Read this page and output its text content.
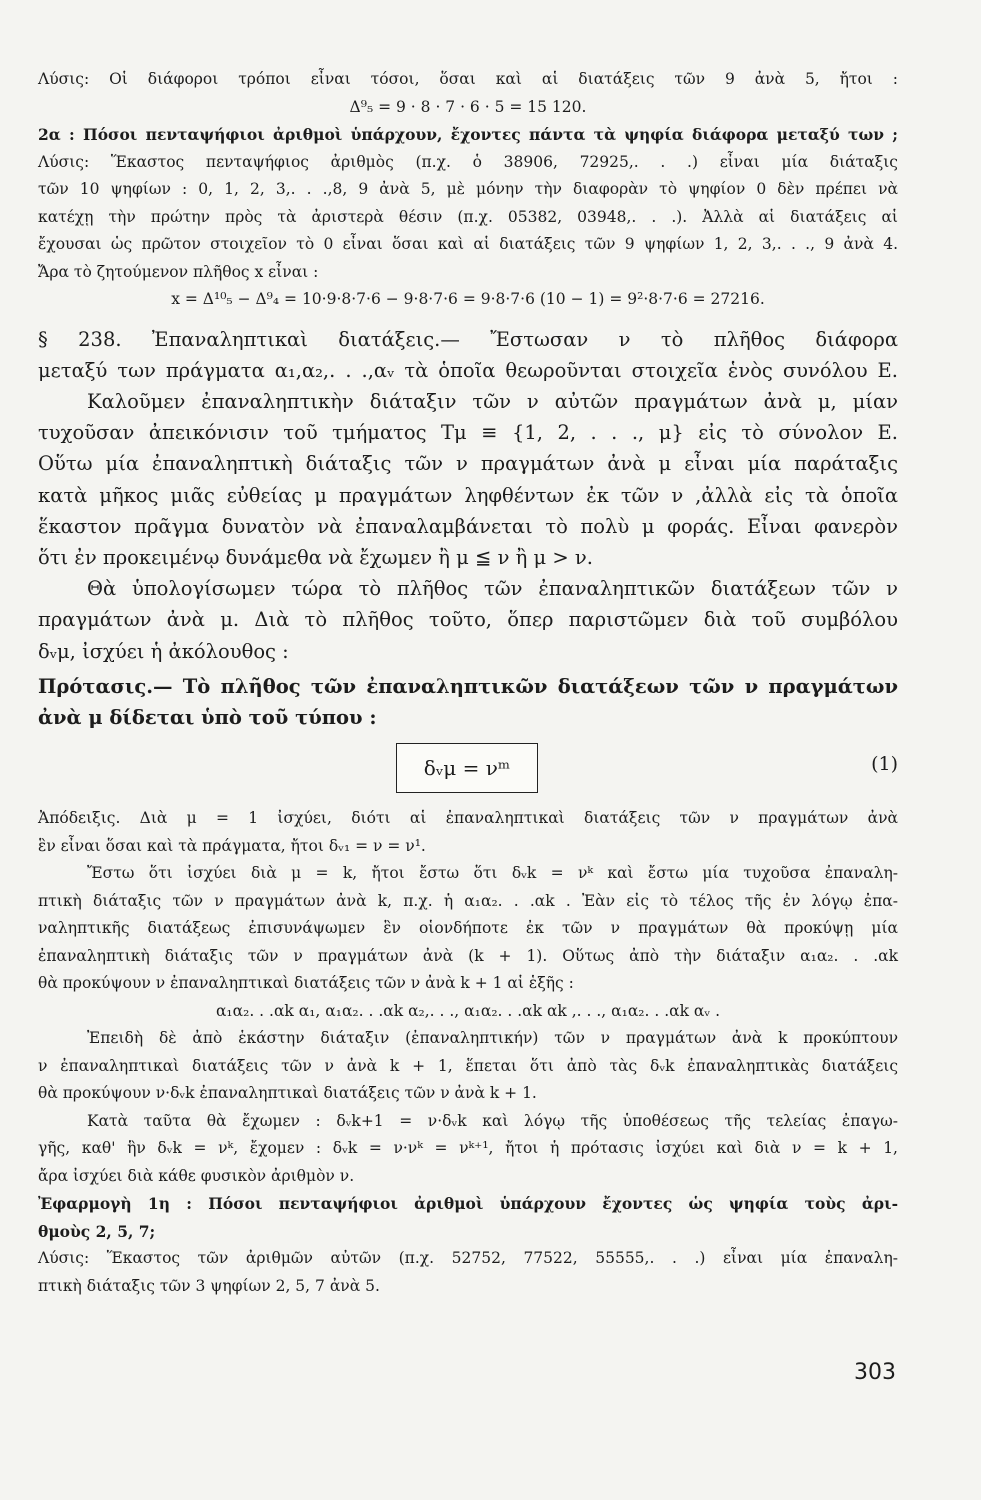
Λύσις: Οἱ διάφοροι τρόποι εἶναι τόσοι, ὅσαι καὶ αἱ διατάξεις τῶν 9 ἀνὰ 5, ἤτοι :

Δ⁹₅ = 9 · 8 · 7 · 6 · 5 = 15 120.

2α : Πόσοι πενταψήφιοι ἀριθμοὶ ὑπάρχουν, ἔχοντες πάντα τὰ ψηφία διάφορα μεταξύ των ;

Λύσις: Ἕκαστος πενταψήφιος ἀριθμὸς (π.χ. ὁ 38906, 72925,. . .) εἶναι μία διάταξις

τῶν 10 ψηφίων : 0, 1, 2, 3,. . .,8, 9 ἀνὰ 5, μὲ μόνην τὴν διαφορὰν τὸ ψηφίον 0 δὲν πρέπει νὰ

κατέχῃ τὴν πρώτην πρὸς τὰ ἀριστερὰ θέσιν (π.χ. 05382, 03948,. . .). Ἀλλὰ αἱ διατάξεις αἱ

ἔχουσαι ὡς πρῶτον στοιχεῖον τὸ 0 εἶναι ὅσαι καὶ αἱ διατάξεις τῶν 9 ψηφίων 1, 2, 3,. . ., 9 ἀνὰ 4.

Ἄρα τὸ ζητούμενον πλῆθος x εἶναι :

x = Δ¹⁰₅ − Δ⁹₄ = 10·9·8·7·6 − 9·8·7·6 = 9·8·7·6 (10 − 1) = 9²·8·7·6 = 27216.

§ 238. Ἐπαναληπτικαὶ διατάξεις.— Ἔστωσαν ν τὸ πλῆθος διάφορα

μεταξύ των πράγματα α₁,α₂,. . .,αᵥ τὰ ὁποῖα θεωροῦνται στοιχεῖα ἑνὸς συνόλου Ε.

Καλοῦμεν ἐπαναληπτικὴν διάταξιν τῶν ν αὐτῶν πραγμάτων ἀνὰ μ, μίαν

τυχοῦσαν ἀπεικόνισιν τοῦ τμήματος Τμ ≡ {1, 2, . . ., μ} εἰς τὸ σύνολον Ε.

Οὕτω μία ἐπαναληπτικὴ διάταξις τῶν ν πραγμάτων ἀνὰ μ εἶναι μία παράταξις

κατὰ μῆκος μιᾶς εὐθείας μ πραγμάτων ληφθέντων ἐκ τῶν ν ,ἀλλὰ εἰς τὰ ὁποῖα

ἕκαστον πρᾶγμα δυνατὸν νὰ ἐπαναλαμβάνεται τὸ πολὺ μ φοράς. Εἶναι φανερὸν

ὅτι ἐν προκειμένῳ δυνάμεθα νὰ ἔχωμεν ἢ μ ≦ ν ἢ μ > ν.

Θὰ ὑπολογίσωμεν τώρα τὸ πλῆθος τῶν ἐπαναληπτικῶν διατάξεων τῶν ν

πραγμάτων ἀνὰ μ. Διὰ τὸ πλῆθος τοῦτο, ὅπερ παριστῶμεν διὰ τοῦ συμβόλου

δᵥμ, ἰσχύει ἡ ἀκόλουθος :

Πρότασις.— Τὸ πλῆθος τῶν ἐπαναληπτικῶν διατάξεων τῶν ν πραγμάτων

ἀνὰ μ δίδεται ὑπὸ τοῦ τύπου :

δᵥμ = νᵐ	(1)

Ἀπόδειξις. Διὰ μ = 1 ἰσχύει, διότι αἱ ἐπαναληπτικαὶ διατάξεις τῶν ν πραγμάτων ἀνὰ

ἓν εἶναι ὅσαι καὶ τὰ πράγματα, ἤτοι δᵥ₁ = ν = ν¹.

Ἔστω ὅτι ἰσχύει διὰ μ = k, ἤτοι ἔστω ὅτι δᵥk = νᵏ καὶ ἔστω μία τυχοῦσα ἐπαναλη-

πτικὴ διάταξις τῶν ν πραγμάτων ἀνὰ k, π.χ. ἡ α₁α₂. . .αk . Ἐὰν εἰς τὸ τέλος τῆς ἐν λόγῳ ἐπα-

ναληπτικῆς διατάξεως ἐπισυνάψωμεν ἓν οἱονδήποτε ἐκ τῶν ν πραγμάτων θὰ προκύψῃ μία

ἐπαναληπτικὴ διάταξις τῶν ν πραγμάτων ἀνὰ (k + 1). Οὕτως ἀπὸ τὴν διάταξιν α₁α₂. . .αk

θὰ προκύψουν ν ἐπαναληπτικαὶ διατάξεις τῶν ν ἀνὰ k + 1 αἱ ἑξῆς :

α₁α₂. . .αk α₁, α₁α₂. . .αk α₂,. . ., α₁α₂. . .αk αk ,. . ., α₁α₂. . .αk αᵥ .

Ἐπειδὴ δὲ ἀπὸ ἑκάστην διάταξιν (ἐπαναληπτικήν) τῶν ν πραγμάτων ἀνὰ k προκύπτουν

ν ἐπαναληπτικαὶ διατάξεις τῶν ν ἀνὰ k + 1, ἕπεται ὅτι ἀπὸ τὰς δᵥk ἐπαναληπτικὰς διατάξεις

θὰ προκύψουν ν·δᵥk ἐπαναληπτικαὶ διατάξεις τῶν ν ἀνὰ k + 1.

Κατὰ ταῦτα θὰ ἔχωμεν : δᵥk+1 = ν·δᵥk καὶ λόγῳ τῆς ὑποθέσεως τῆς τελείας ἐπαγω-

γῆς, καθ' ἣν δᵥk = νᵏ, ἔχομεν : δᵥk = ν·νᵏ = νᵏ⁺¹, ἤτοι ἡ πρότασις ἰσχύει καὶ διὰ ν = k + 1,

ἄρα ἰσχύει διὰ κάθε φυσικὸν ἀριθμὸν ν.

Ἐφαρμογὴ 1η : Πόσοι πενταψήφιοι ἀριθμοὶ ὑπάρχουν ἔχοντες ὡς ψηφία τοὺς ἀρι-

θμοὺς 2, 5, 7;

Λύσις: Ἕκαστος τῶν ἀριθμῶν αὐτῶν (π.χ. 52752, 77522, 55555,. . .) εἶναι μία ἐπαναλη-

πτικὴ διάταξις τῶν 3 ψηφίων 2, 5, 7 ἀνὰ 5.

303
